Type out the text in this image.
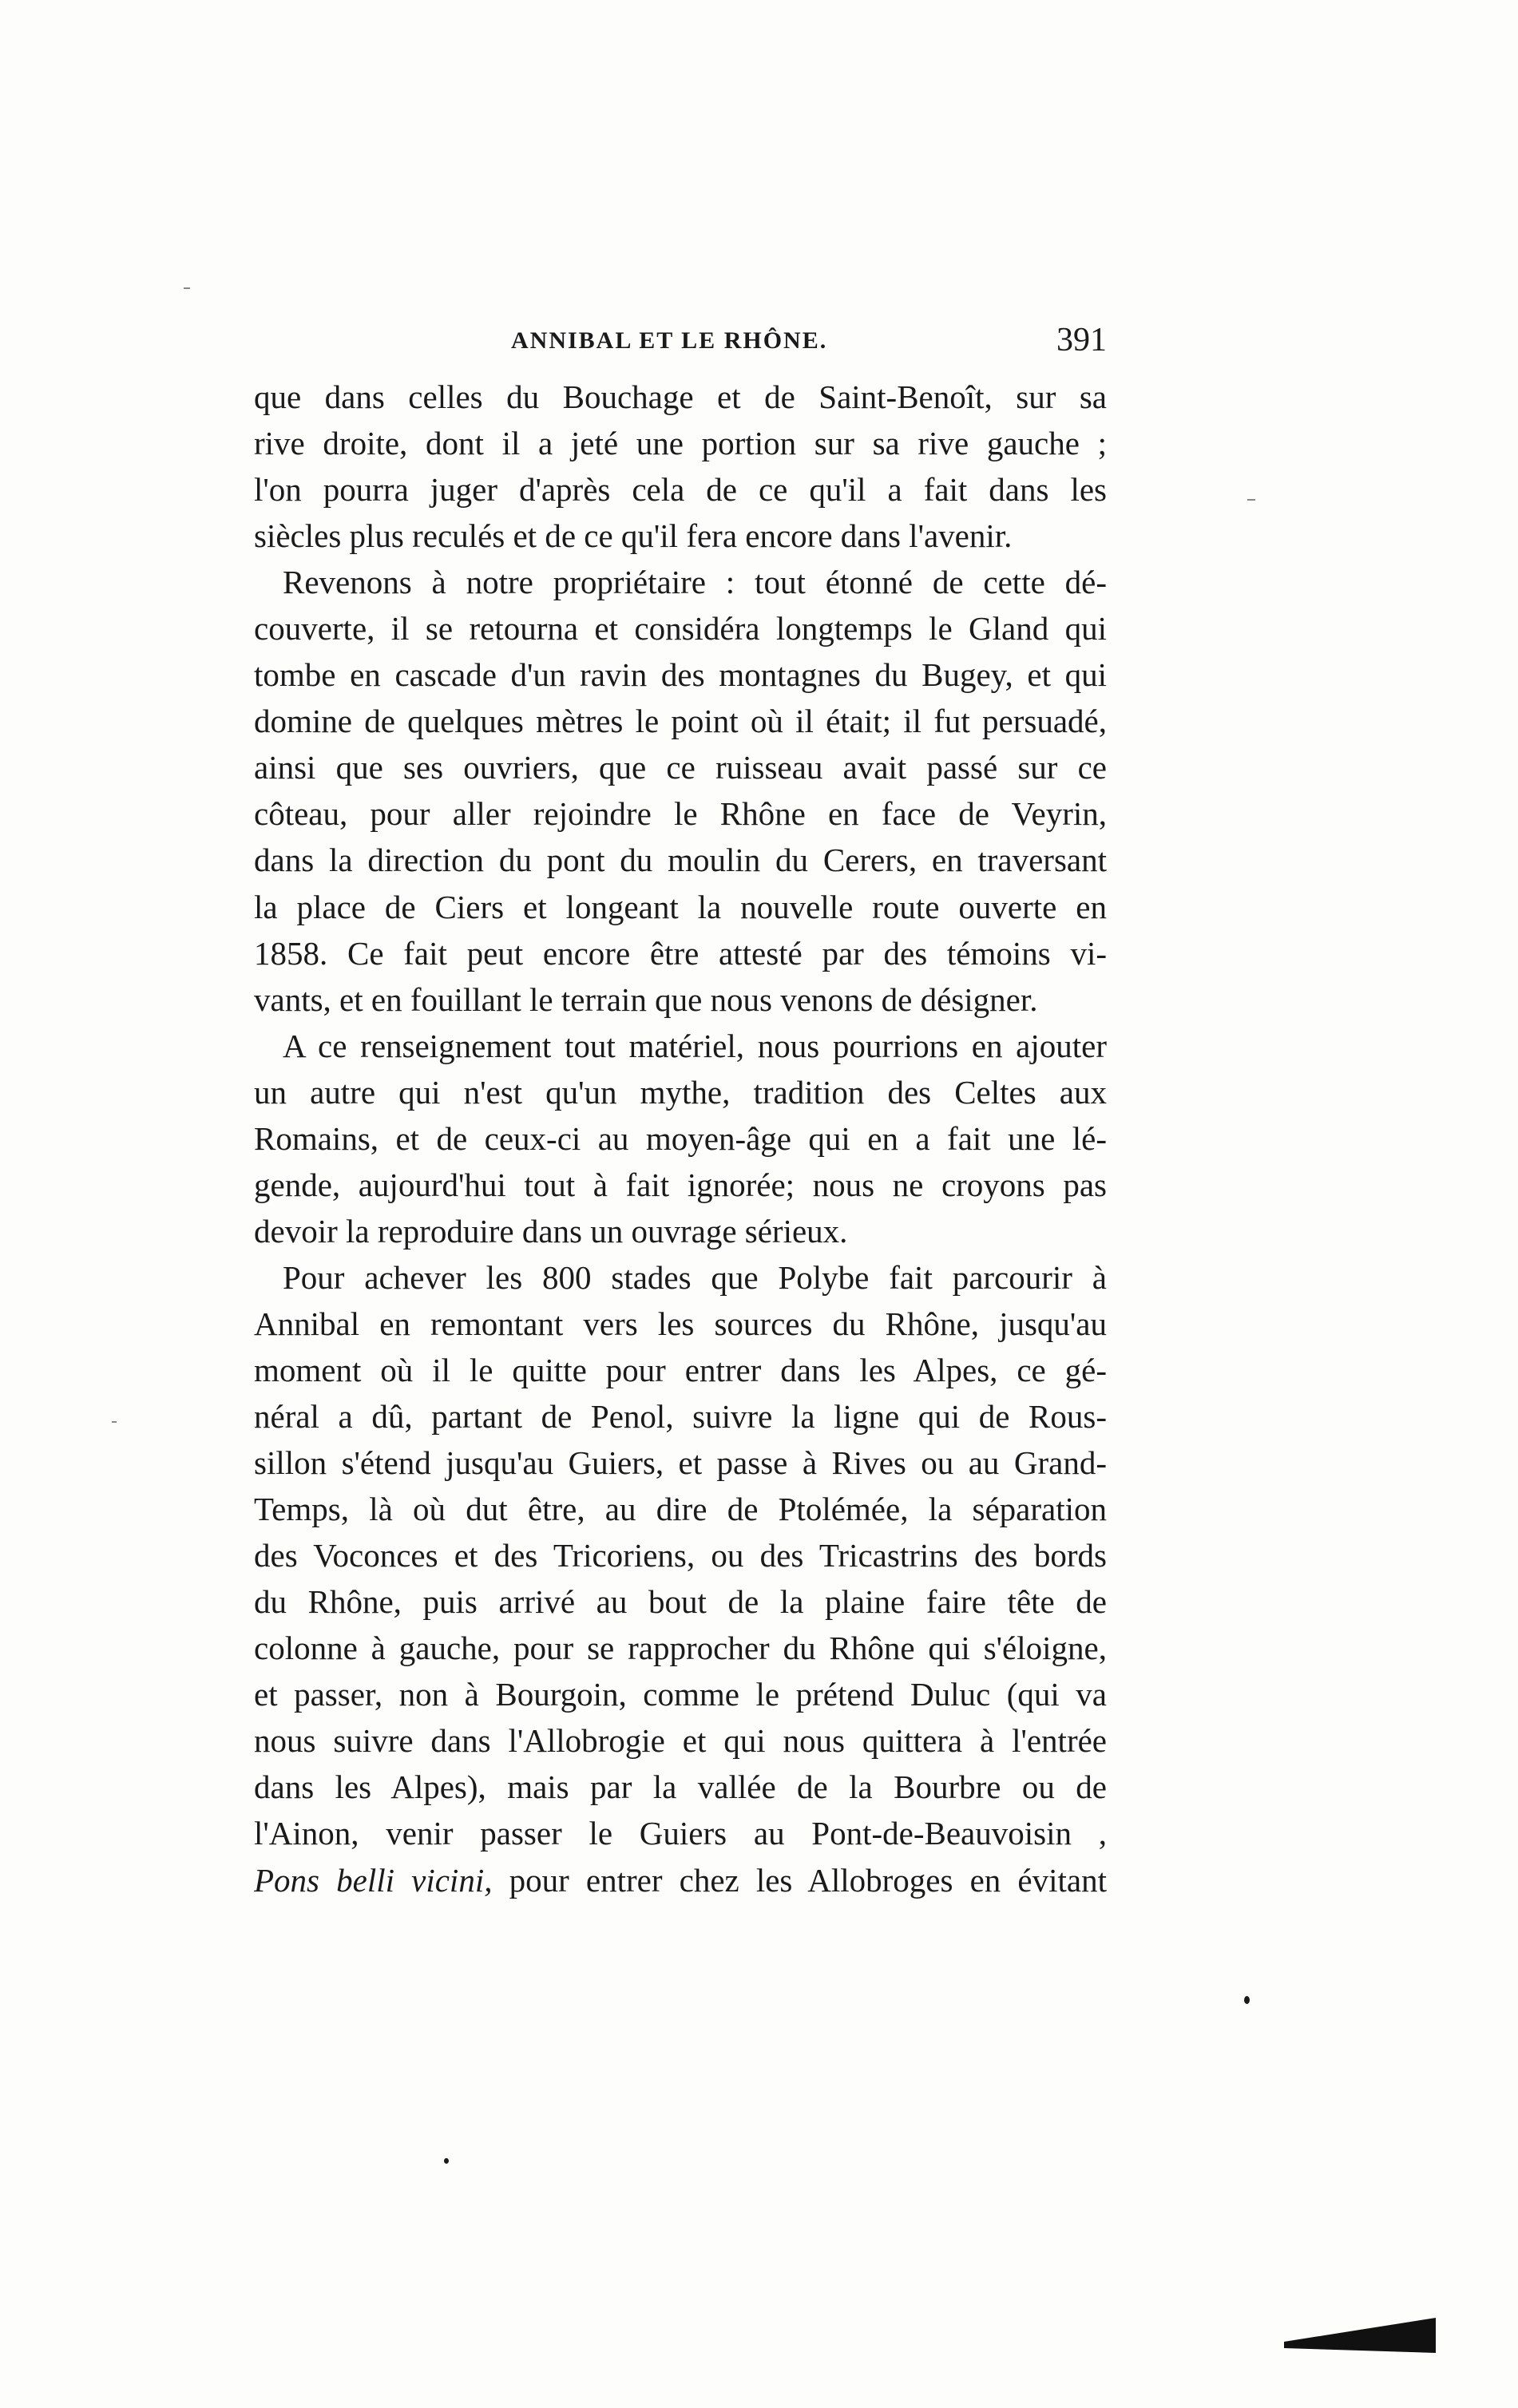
ANNIBAL ET LE RHÔNE.	391

que dans celles du Bouchage et de Saint-Benoît, sur sa
rive droite, dont il a jeté une portion sur sa rive gauche ;
l'on pourra juger d'après cela de ce qu'il a fait dans les
siècles plus reculés et de ce qu'il fera encore dans l'avenir.

Revenons à notre propriétaire : tout étonné de cette dé-
couverte, il se retourna et considéra longtemps le Gland qui
tombe en cascade d'un ravin des montagnes du Bugey, et qui
domine de quelques mètres le point où il était; il fut persuadé,
ainsi que ses ouvriers, que ce ruisseau avait passé sur ce
côteau, pour aller rejoindre le Rhône en face de Veyrin,
dans la direction du pont du moulin du Cerers, en traversant
la place de Ciers et longeant la nouvelle route ouverte en
1858. Ce fait peut encore être attesté par des témoins vi-
vants, et en fouillant le terrain que nous venons de désigner.

A ce renseignement tout matériel, nous pourrions en ajouter
un autre qui n'est qu'un mythe, tradition des Celtes aux
Romains, et de ceux-ci au moyen-âge qui en a fait une lé-
gende, aujourd'hui tout à fait ignorée; nous ne croyons pas
devoir la reproduire dans un ouvrage sérieux.

Pour achever les 800 stades que Polybe fait parcourir à
Annibal en remontant vers les sources du Rhône, jusqu'au
moment où il le quitte pour entrer dans les Alpes, ce gé-
néral a dû, partant de Penol, suivre la ligne qui de Rous-
sillon s'étend jusqu'au Guiers, et passe à Rives ou au Grand-
Temps, là où dut être, au dire de Ptolémée, la séparation
des Voconces et des Tricoriens, ou des Tricastrins des bords
du Rhône, puis arrivé au bout de la plaine faire tête de
colonne à gauche, pour se rapprocher du Rhône qui s'éloigne,
et passer, non à Bourgoin, comme le prétend Duluc (qui va
nous suivre dans l'Allobrogie et qui nous quittera à l'entrée
dans les Alpes), mais par la vallée de la Bourbre ou de
l'Ainon, venir passer le Guiers au Pont-de-Beauvoisin ,
Pons belli vicini, pour entrer chez les Allobroges en évitant
